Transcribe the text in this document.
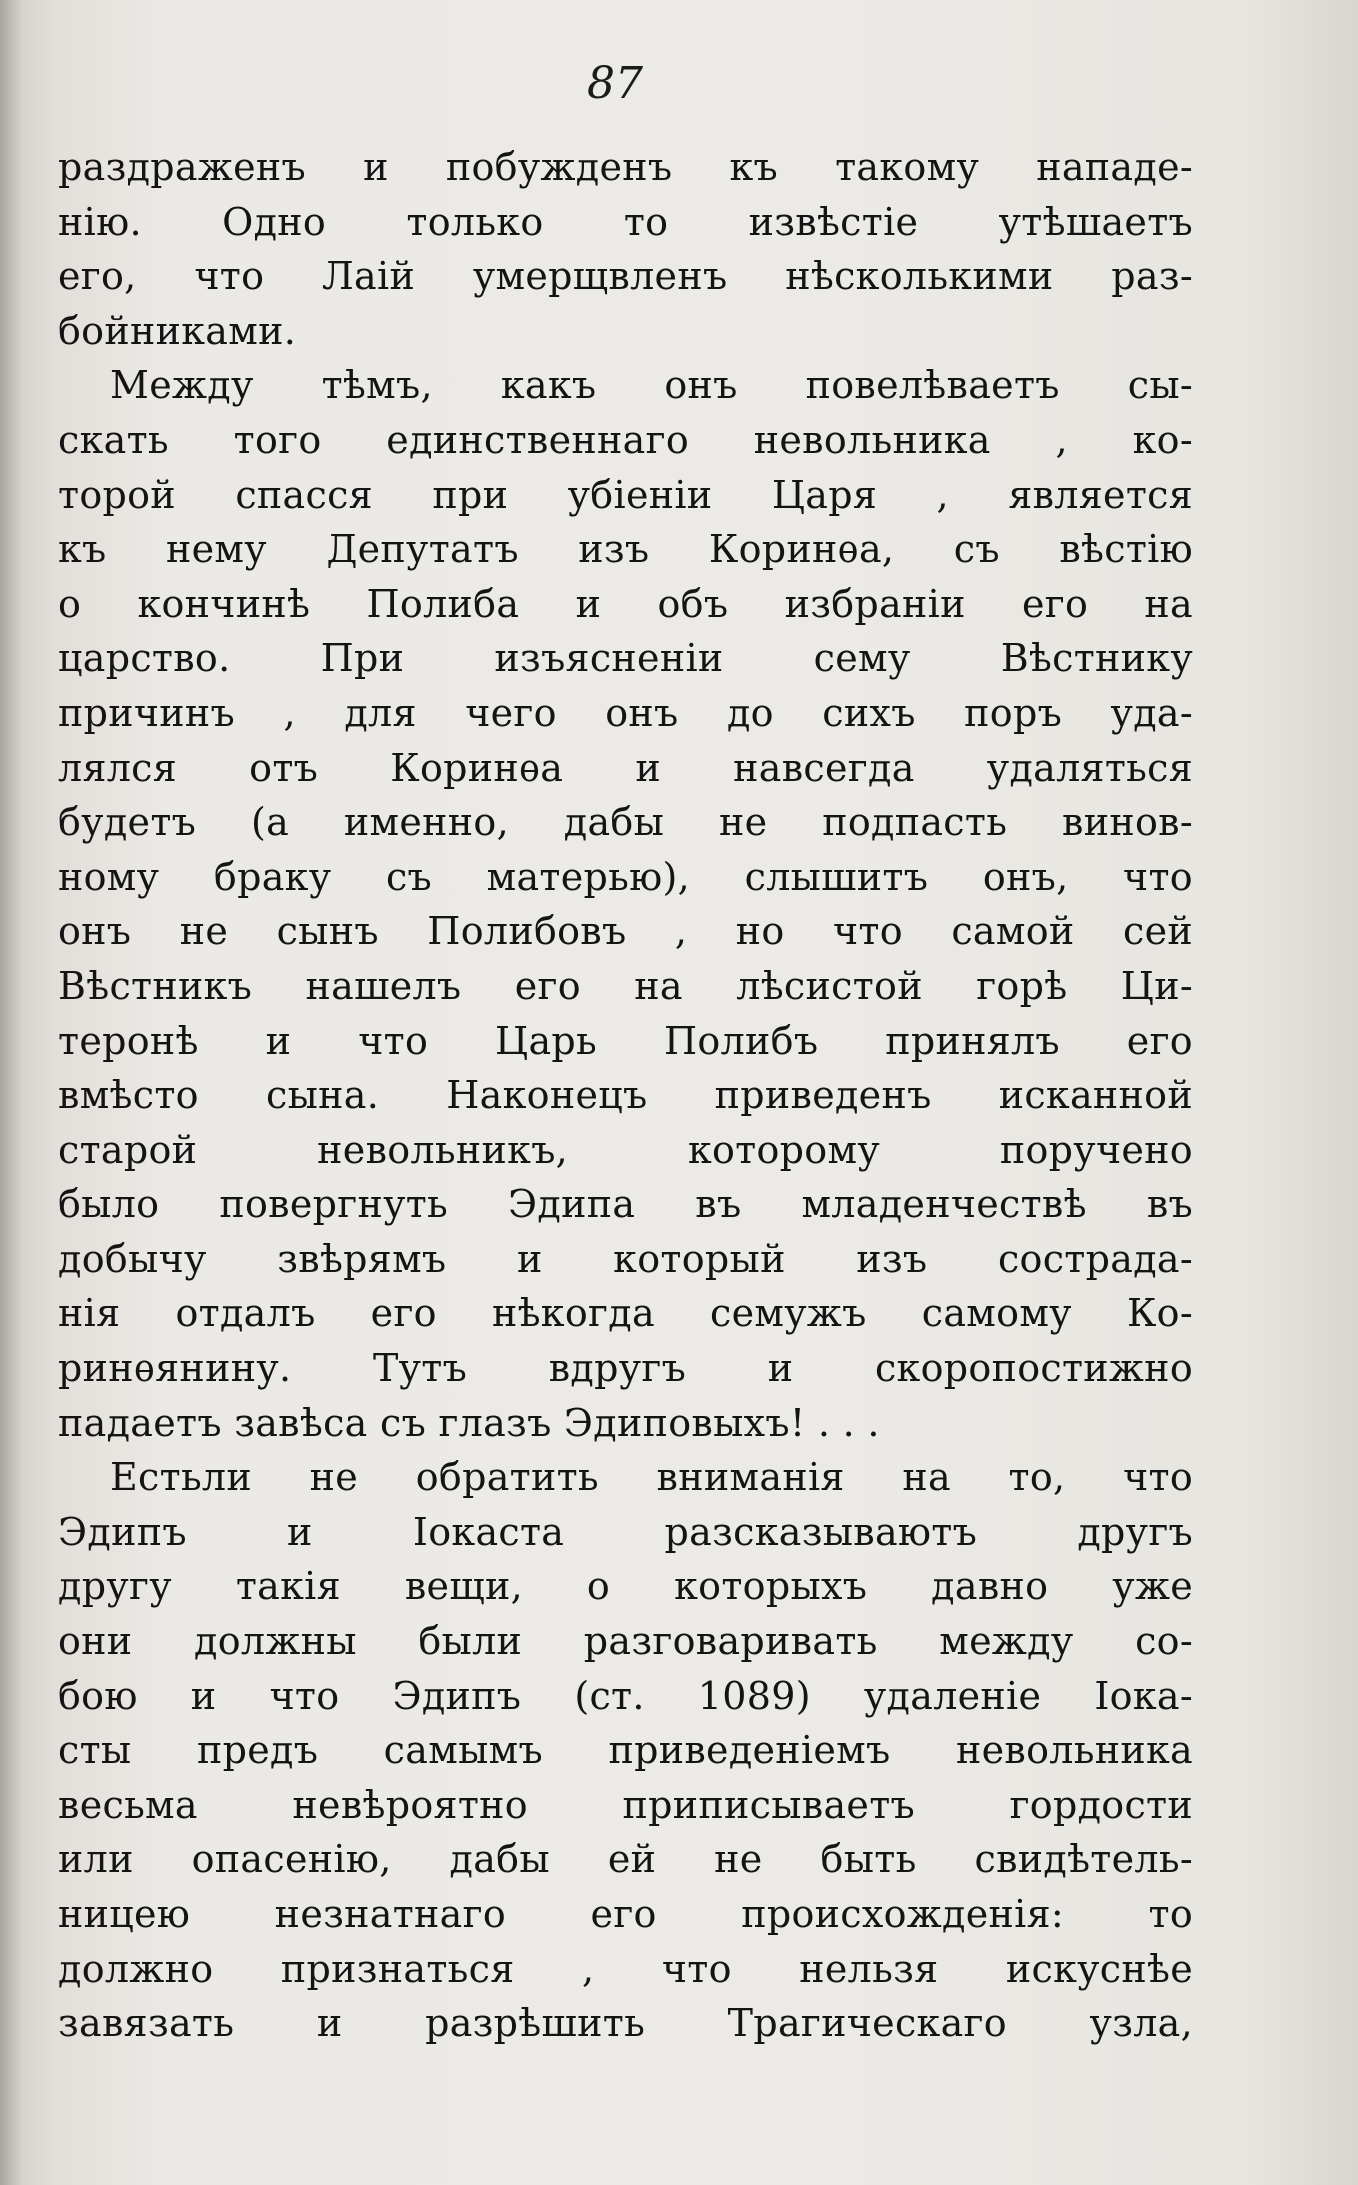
87
раздраженъ и побужденъ къ такому нападе-
нію. Одно только то извѣстіе утѣшаетъ
его, что Лаій умерщвленъ нѣсколькими раз-
бойниками.
Между тѣмъ, какъ онъ повелѣваетъ сы-
скать того единственнаго невольника , ко-
торой спасся при убіеніи Царя , является
къ нему Депутатъ изъ Коринѳа, съ вѣстію
о кончинѣ Полиба и объ избраніи его на
царство. При изъясненіи сему Вѣстнику
причинъ , для чего онъ до сихъ поръ уда-
лялся отъ Коринѳа и навсегда удаляться
будетъ (а именно, дабы не подпасть винов-
ному браку съ матерью), слышитъ онъ, что
онъ не сынъ Полибовъ , но что самой сей
Вѣстникъ нашелъ его на лѣсистой горѣ Ци-
теронѣ и что Царь Полибъ принялъ его
вмѣсто сына. Наконецъ приведенъ исканной
старой невольникъ, которому поручено
было повергнуть Эдипа въ младенчествѣ въ
добычу звѣрямъ и который изъ сострада-
нія отдалъ его нѣкогда семужъ самому Ко-
ринѳянину. Тутъ вдругъ и скоропостижно
падаетъ завѣса съ глазъ Эдиповыхъ! . . .
Естьли не обратить вниманія на то, что
Эдипъ и Іокаста разсказываютъ другъ
другу такія вещи, о которыхъ давно уже
они должны были разговаривать между со-
бою и что Эдипъ (ст. 1089) удаленіе Іока-
сты предъ самымъ приведеніемъ невольника
весьма невѣроятно приписываетъ гордости
или опасенію, дабы ей не быть свидѣтель-
ницею незнатнаго его происхожденія: то
должно признаться , что нельзя искуснѣе
завязать и разрѣшить Трагическаго узла,
